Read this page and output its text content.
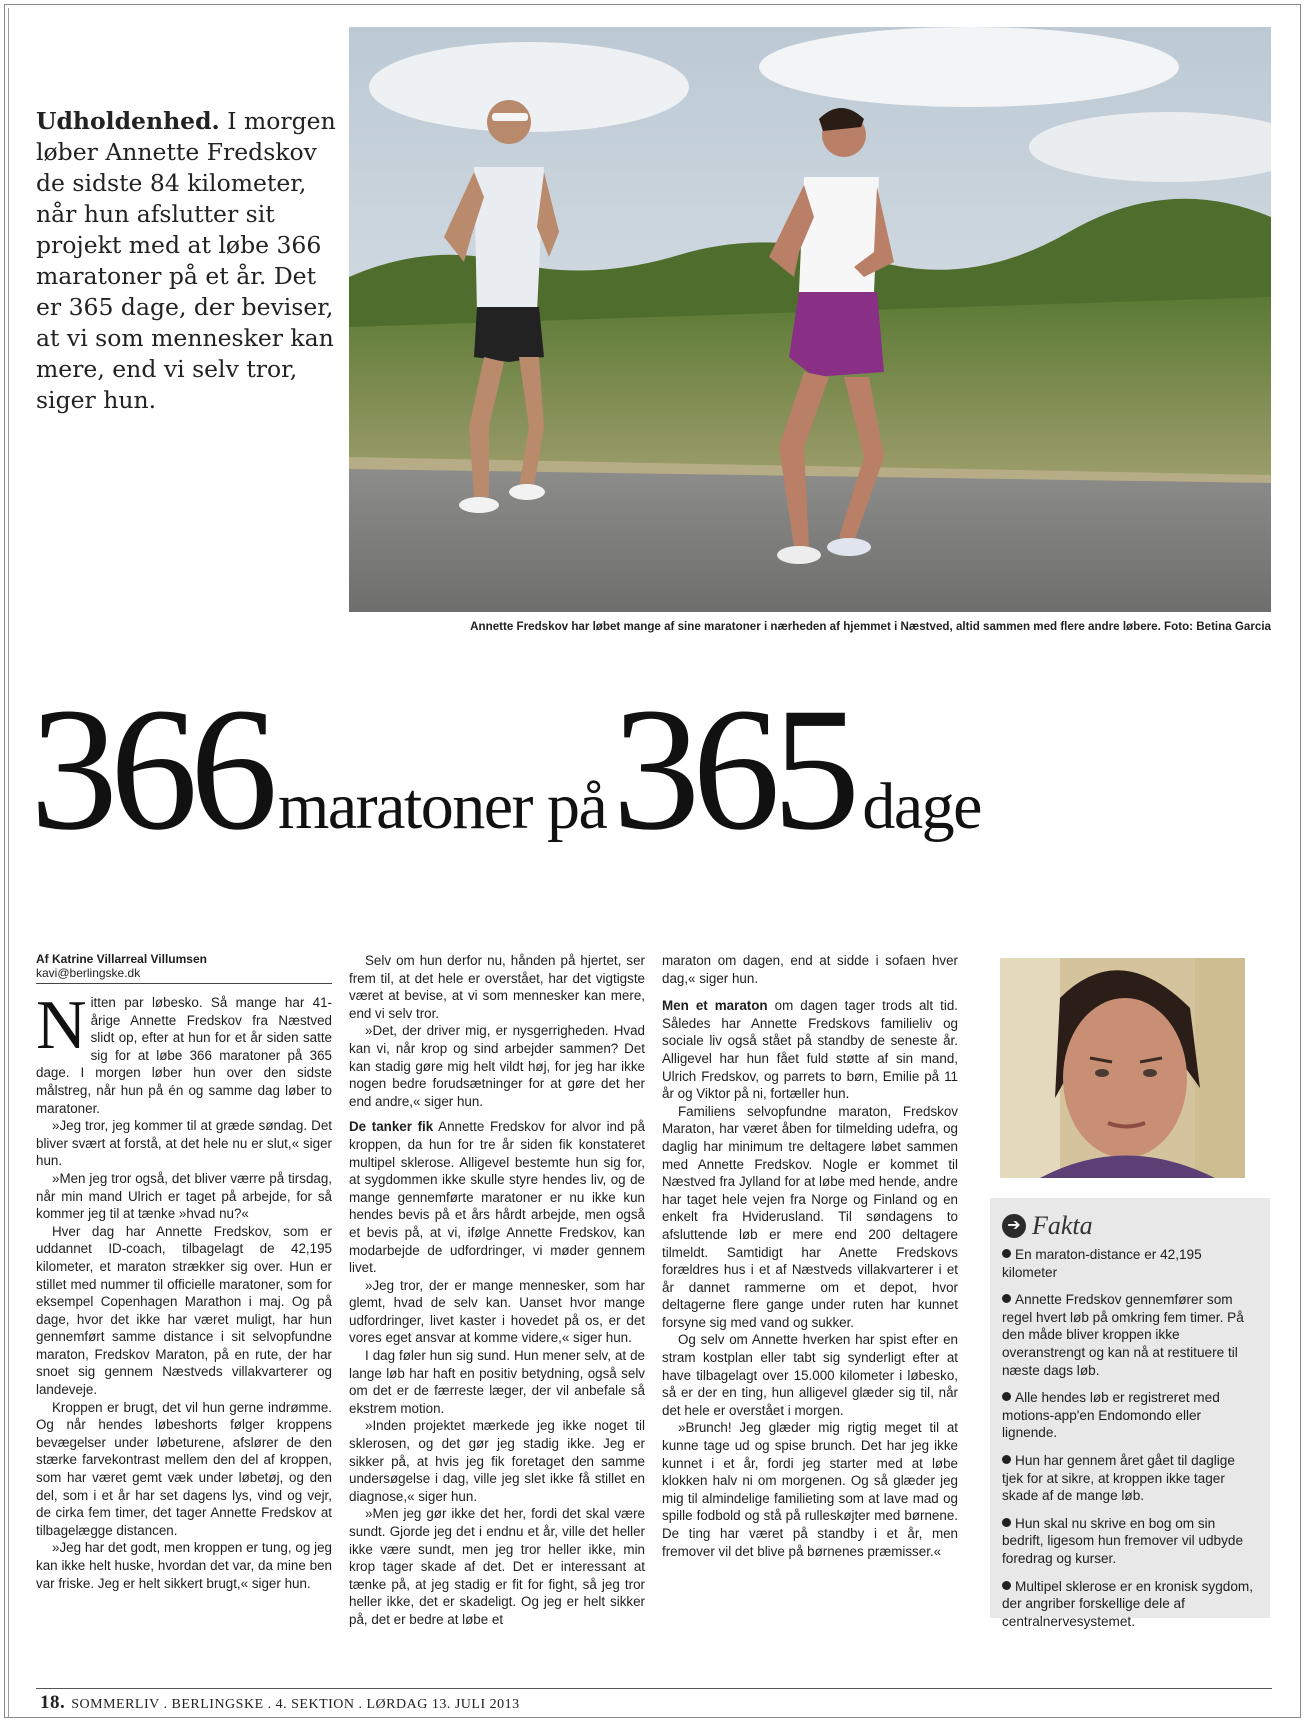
Udholdenhed. I morgen løber Annette Fredskov de sidste 84 kilometer, når hun afslutter sit projekt med at løbe 366 maratoner på et år. Det er 365 dage, der beviser, at vi som mennesker kan mere, end vi selv tror, siger hun.
Annette Fredskov har løbet mange af sine maratoner i nærheden af hjemmet i Næstved, altid sammen med flere andre løbere. Foto: Betina Garcia
366 maratoner på365 dage
Af Katrine Villarreal Villumsen
kavi@berlingske.dk

Nitten par løbesko. Så mange har 41-årige Annette Fredskov fra Næstved slidt op, efter at hun for et år siden satte sig for at løbe 366 maratoner på 365 dage. I morgen løber hun over den sidste målstreg, når hun på én og samme dag løber to maratoner.

»Jeg tror, jeg kommer til at græde søndag. Det bliver svært at forstå, at det hele nu er slut,« siger hun.

»Men jeg tror også, det bliver værre på tirsdag, når min mand Ulrich er taget på arbejde, for så kommer jeg til at tænke »hvad nu?«

Hver dag har Annette Fredskov, som er uddannet ID-coach, tilbagelagt de 42,195 kilometer, et maraton strækker sig over. Hun er stillet med nummer til officielle maratoner, som for eksempel Copenhagen Marathon i maj. Og på dage, hvor det ikke har været muligt, har hun gennemført samme distance i sit selvopfundne maraton, Fredskov Maraton, på en rute, der har snoet sig gennem Næstveds villakvarterer og landeveje.

Kroppen er brugt, det vil hun gerne indrømme. Og når hendes løbeshorts følger kroppens bevægelser under løbeturene, afslører de den stærke farvekontrast mellem den del af kroppen, som har været gemt væk under løbetøj, og den del, som i et år har set dagens lys, vind og vejr, de cirka fem timer, det tager Annette Fredskov at tilbagelægge distancen.

»Jeg har det godt, men kroppen er tung, og jeg kan ikke helt huske, hvordan det var, da mine ben var friske. Jeg er helt sikkert brugt,« siger hun.

Selv om hun derfor nu, hånden på hjertet, ser frem til, at det hele er overstået, har det vigtigste været at bevise, at vi som mennesker kan mere, end vi selv tror.

»Det, der driver mig, er nysgerrigheden. Hvad kan vi, når krop og sind arbejder sammen? Det kan stadig gøre mig helt vildt høj, for jeg har ikke nogen bedre forudsætninger for at gøre det her end andre,« siger hun.

De tanker fik Annette Fredskov for alvor ind på kroppen, da hun for tre år siden fik konstateret multipel sklerose. Alligevel bestemte hun sig for, at sygdommen ikke skulle styre hendes liv, og de mange gennemførte maratoner er nu ikke kun hendes bevis på et års hårdt arbejde, men også et bevis på, at vi, ifølge Annette Fredskov, kan modarbejde de udfordringer, vi møder gennem livet.

»Jeg tror, der er mange mennesker, som har glemt, hvad de selv kan. Uanset hvor mange udfordringer, livet kaster i hovedet på os, er det vores eget ansvar at komme videre,« siger hun.

I dag føler hun sig sund. Hun mener selv, at de lange løb har haft en positiv betydning, også selv om det er de færreste læger, der vil anbefale så ekstrem motion.

»Inden projektet mærkede jeg ikke noget til sklerosen, og det gør jeg stadig ikke. Jeg er sikker på, at hvis jeg fik foretaget den samme undersøgelse i dag, ville jeg slet ikke få stillet en diagnose,« siger hun.

»Men jeg gør ikke det her, fordi det skal være sundt. Gjorde jeg det i endnu et år, ville det heller ikke være sundt, men jeg tror heller ikke, min krop tager skade af det. Det er interessant at tænke på, at jeg stadig er fit for fight, så jeg tror heller ikke, det er skadeligt. Og jeg er helt sikker på, det er bedre at løbe et

maraton om dagen, end at sidde i sofaen hver dag,« siger hun.

Men et maraton om dagen tager trods alt tid. Således har Annette Fredskovs familieliv og sociale liv også stået på standby de seneste år. Alligevel har hun fået fuld støtte af sin mand, Ulrich Fredskov, og parrets to børn, Emilie på 11 år og Viktor på ni, fortæller hun.

Familiens selvopfundne maraton, Fredskov Maraton, har været åben for tilmelding udefra, og daglig har minimum tre deltagere løbet sammen med Annette Fredskov. Nogle er kommet til Næstved fra Jylland for at løbe med hende, andre har taget hele vejen fra Norge og Finland og en enkelt fra Hviderusland. Til søndagens to afsluttende løb er mere end 200 deltagere tilmeldt. Samtidigt har Anette Fredskovs forældres hus i et af Næstveds villakvarterer i et år dannet rammerne om et depot, hvor deltagerne flere gange under ruten har kunnet forsyne sig med vand og sukker.

Og selv om Annette hverken har spist efter en stram kostplan eller tabt sig synderligt efter at have tilbagelagt over 15.000 kilometer i løbesko, så er der en ting, hun alligevel glæder sig til, når det hele er overstået i morgen.

»Brunch! Jeg glæder mig rigtig meget til at kunne tage ud og spise brunch. Det har jeg ikke kunnet i et år, fordi jeg starter med at løbe klokken halv ni om morgenen. Og så glæder jeg mig til almindelige familieting som at lave mad og spille fodbold og stå på rulleskøjter med børnene. De ting har været på standby i et år, men fremover vil det blive på børnenes præmisser.«

➔ Fakta
En maraton-distance er 42,195 kilometer
Annette Fredskov gennemfører som regel hvert løb på omkring fem timer. På den måde bliver kroppen ikke overanstrengt og kan nå at restituere til næste dags løb.
Alle hendes løb er registreret med motions-app'en Endomondo eller lignende.
Hun har gennem året gået til daglige tjek for at sikre, at kroppen ikke tager skade af de mange løb.
Hun skal nu skrive en bog om sin bedrift, ligesom hun fremover vil udbyde foredrag og kurser.
Multipel sklerose er en kronisk sygdom, der angriber forskellige dele af centralnervesystemet.
18. SOMMERLIV . BERLINGSKE . 4. SEKTION . LØRDAG 13. JULI 2013
